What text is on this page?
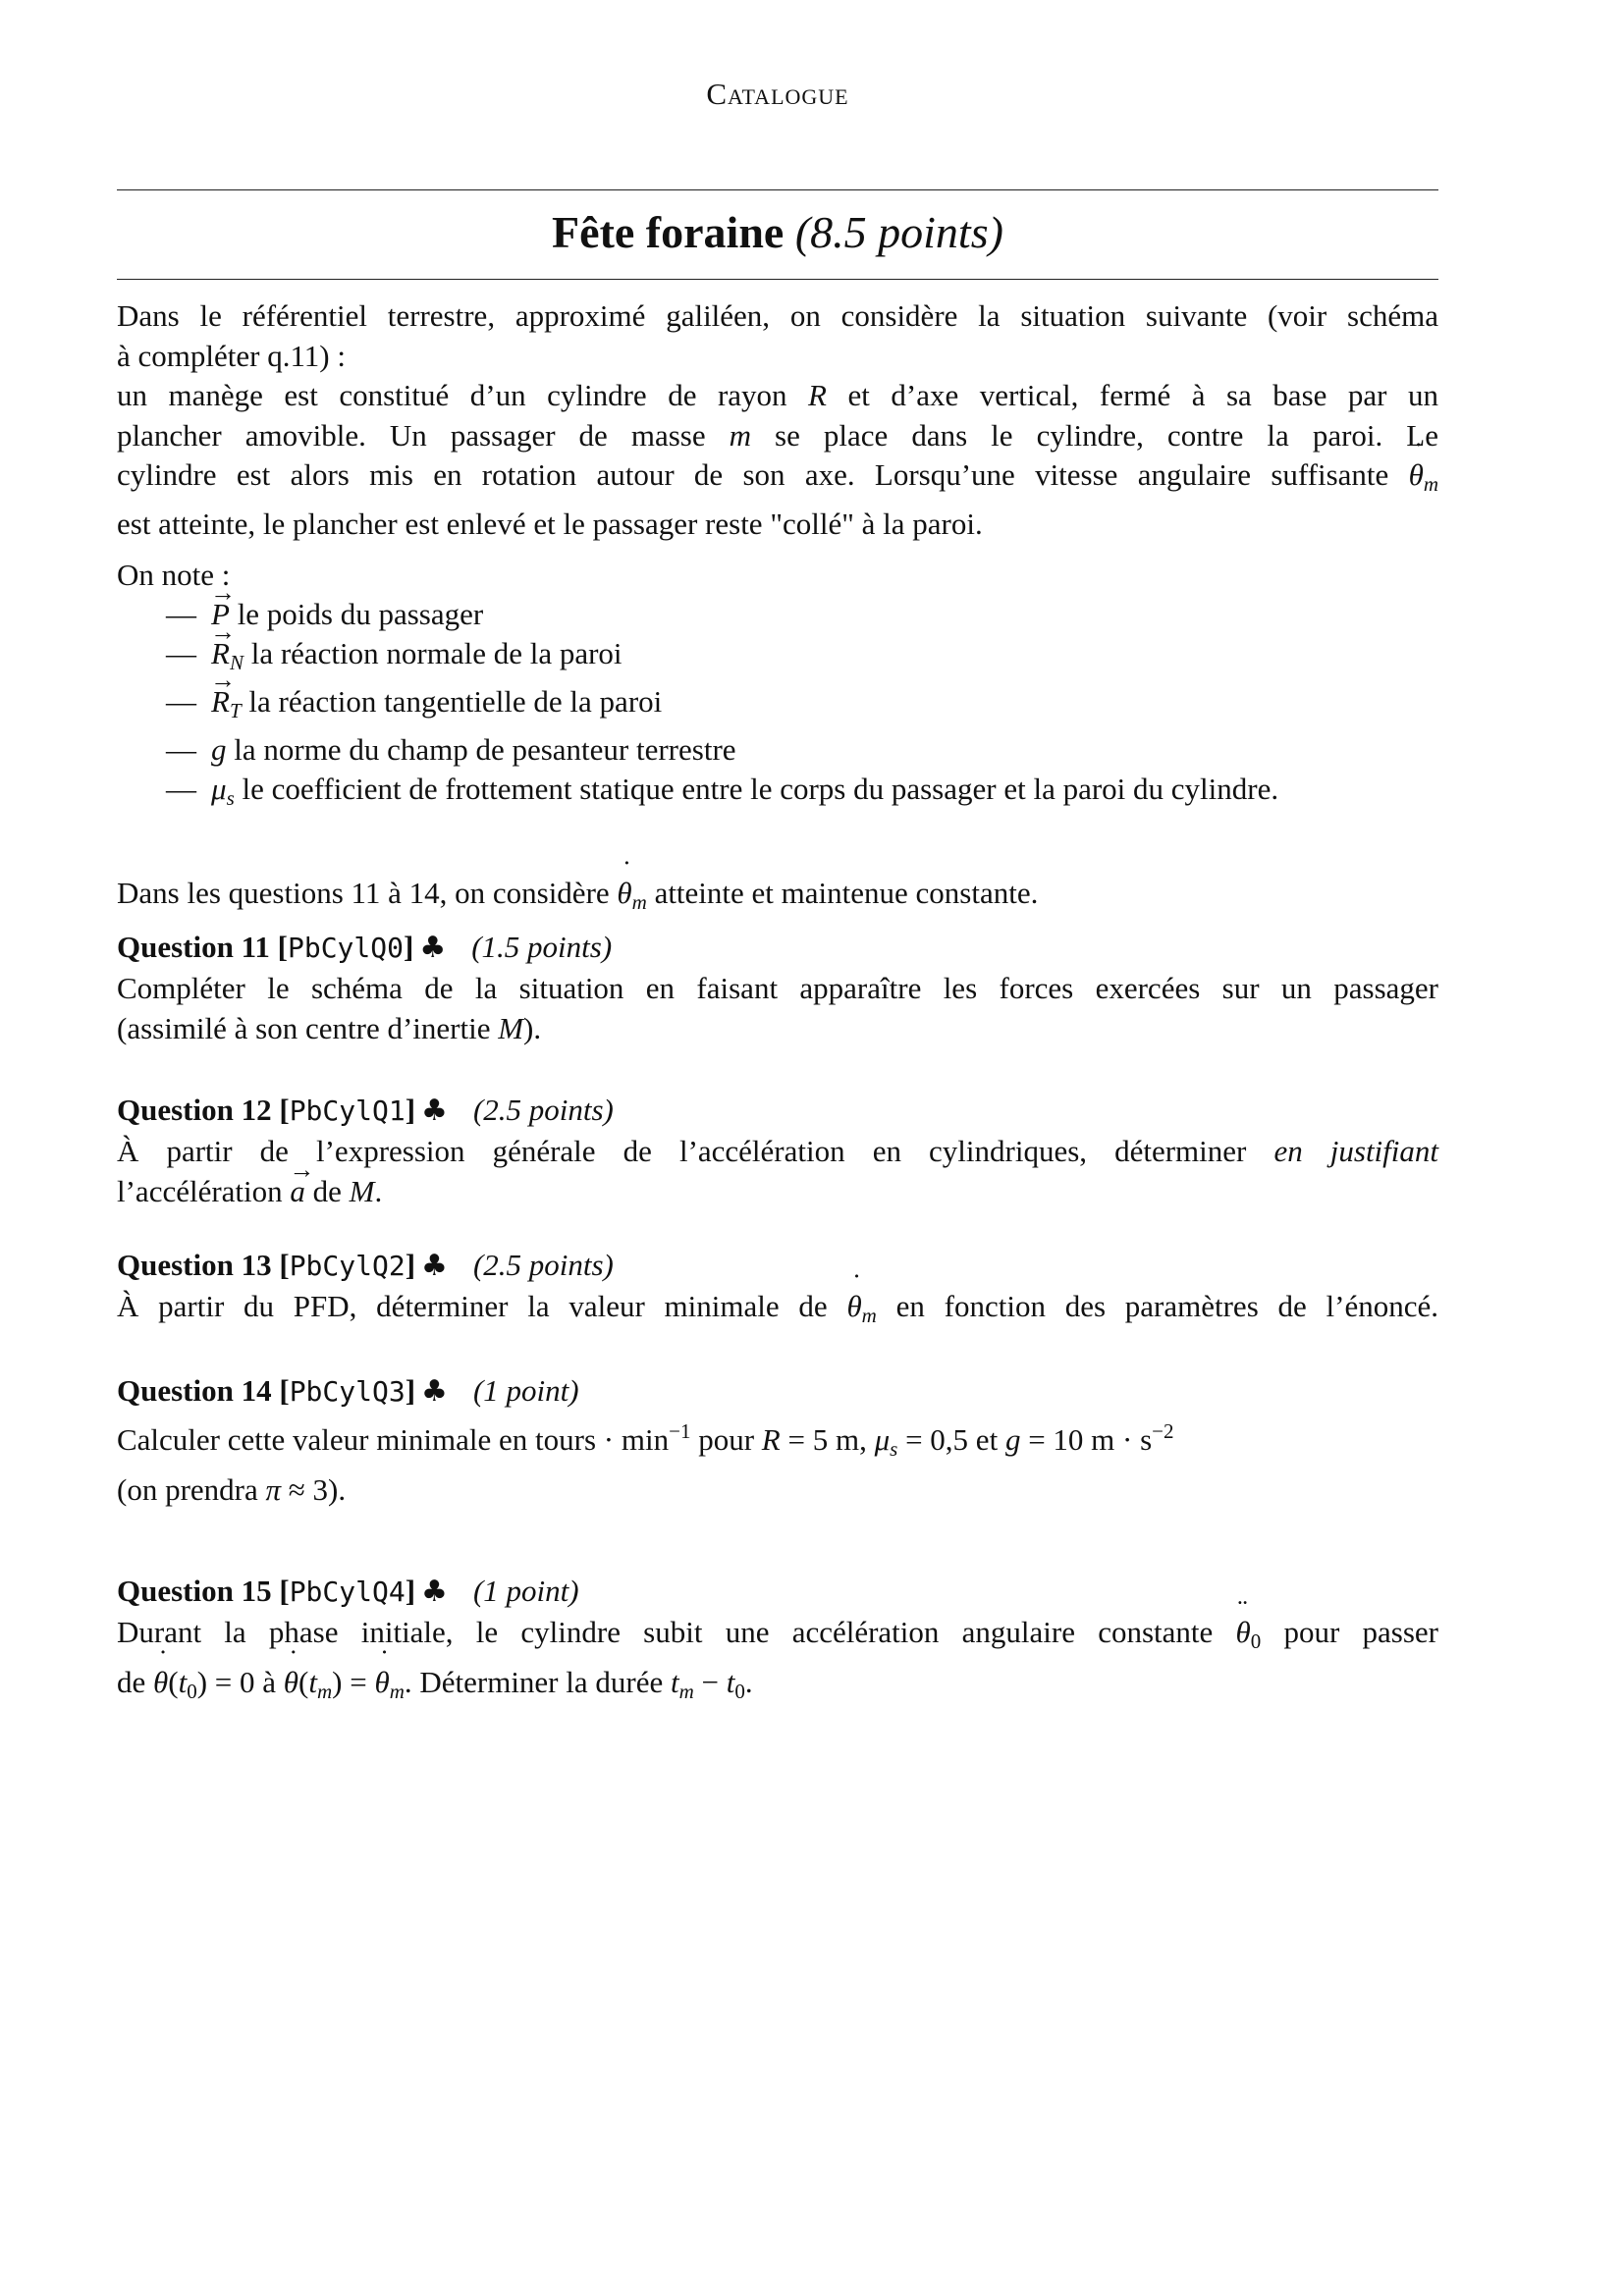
Catalogue
Fête foraine (8.5 points)
Dans le référentiel terrestre, approximé galiléen, on considère la situation suivante (voir schéma
à compléter q.11) :
un manège est constitué d’un cylindre de rayon R et d’axe vertical, fermé à sa base par un
plancher amovible. Un passager de masse m se place dans le cylindre, contre la paroi. Le
cylindre est alors mis en rotation autour de son axe. Lorsqu’une vitesse angulaire suffisante ˙ $\theta_m$
est atteinte, le plancher est enlevé et le passager reste "collé" à la paroi.
On note :
— → P le poids du passager
— → $R_N$ la réaction normale de la paroi
— → $R_T$ la réaction tangentielle de la paroi
— g la norme du champ de pesanteur terrestre
— $\mu_s$ le coefficient de frottement statique entre le corps du passager et la paroi du cylindre.
Dans les questions 11 à 14, on considère ˙ $\theta_m$ atteinte et maintenue constante.
Question 11 [PbCylQ0] ♣ (1.5 points)
Compléter le schéma de la situation en faisant apparaître les forces exercées sur un passager
(assimilé à son centre d’inertie M).
Question 12 [PbCylQ1] ♣ (2.5 points)
À partir de l’expression générale de l’accélération en cylindriques, déterminer en justifiant
l’accélération → a de M.
Question 13 [PbCylQ2] ♣ (2.5 points)
À partir du PFD, déterminer la valeur minimale de ˙ $\theta_m$ en fonction des paramètres de l’énoncé.
Question 14 [PbCylQ3] ♣ (1 point)
Calculer cette valeur minimale en tours · $\min^{-1}$ pour R = 5 m, $\mu_s = 0,5$ et g = 10 $m \cdot s^{-2}$
(on prendra π ≈ 3).
Question 15 [PbCylQ4] ♣ (1 point)
Durant la phase initiale, le cylindre subit une accélération angulaire constante ¨ $\theta_0$ pour passer
de ˙ $\theta(t_0) = 0$ à ˙ $\theta(t_m)$ = ˙ $\theta_m$. Déterminer la durée $t_m - t_0$.
